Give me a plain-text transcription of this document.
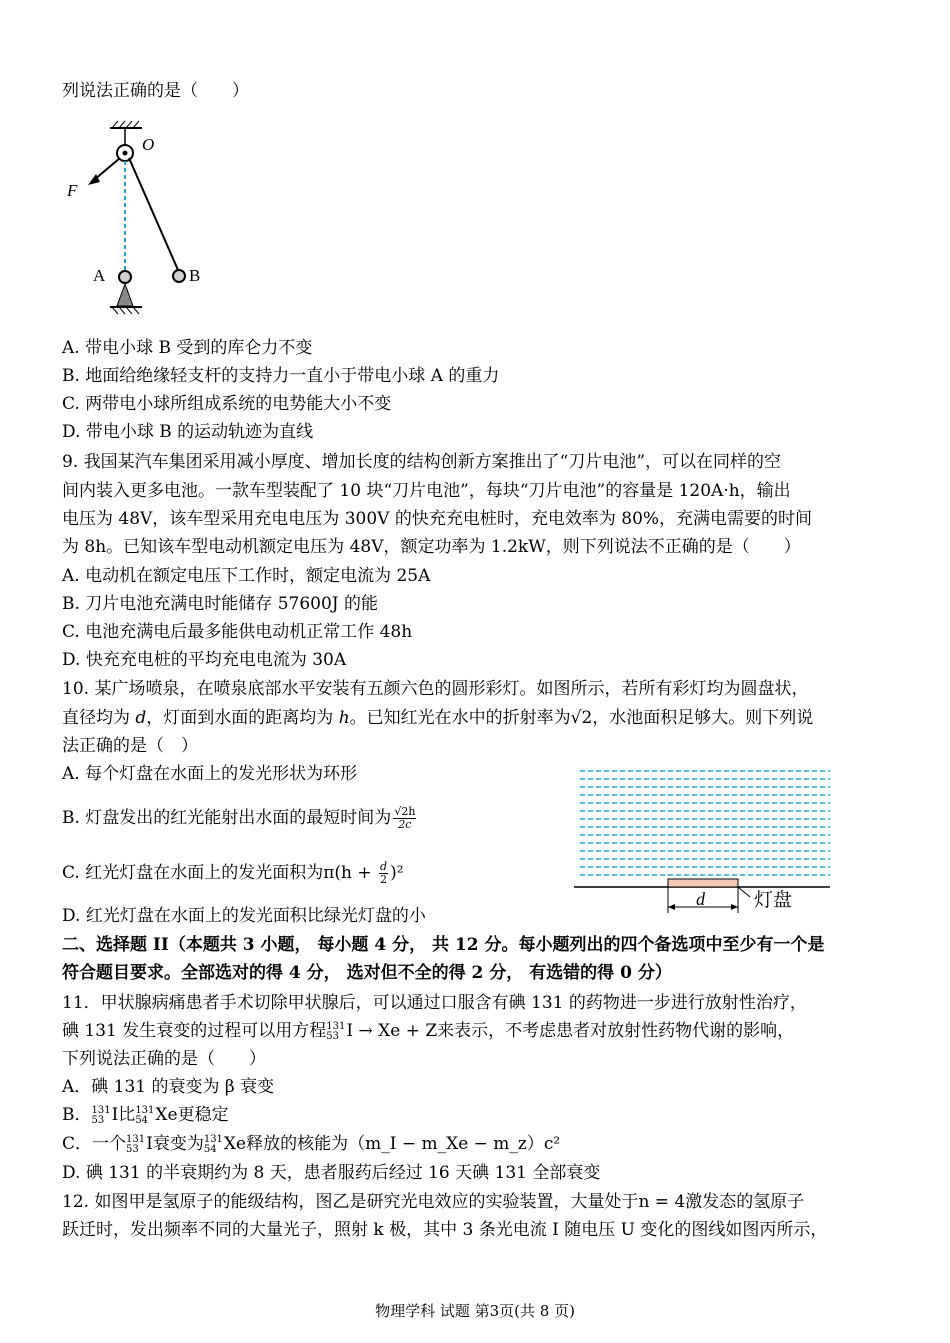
列说法正确的是（　　）
O
F
A	B
A. 带电小球 B 受到的库仑力不变
B. 地面给绝缘轻支杆的支持力一直小于带电小球 A 的重力
C. 两带电小球所组成系统的电势能大小不变
D. 带电小球 B 的运动轨迹为直线
9. 我国某汽车集团采用减小厚度、增加长度的结构创新方案推出了“刀片电池”，可以在同样的空
间内装入更多电池。一款车型装配了 10 块“刀片电池”，每块“刀片电池”的容量是 120A·h，输出
电压为 48V，该车型采用充电电压为 300V 的快充充电桩时，充电效率为 80%，充满电需要的时间
为 8h。已知该车型电动机额定电压为 48V，额定功率为 1.2kW，则下列说法不正确的是（　　）
A. 电动机在额定电压下工作时，额定电流为 25A
B. 刀片电池充满电时能储存 57600J 的能
C. 电池充满电后最多能供电动机正常工作 48h
D. 快充充电桩的平均充电电流为 30A
10. 某广场喷泉，在喷泉底部水平安装有五颜六色的圆形彩灯。如图所示，若所有彩灯均为圆盘状，
直径均为 d，灯面到水面的距离均为 h。已知红光在水中的折射率为√2，水池面积足够大。则下列说
法正确的是（　）
A. 每个灯盘在水面上的发光形状为环形
B. 灯盘发出的红光能射出水面的最短时间为 $\frac{√2h}{2c}$
C. 红光灯盘在水面上的发光面积为$\pi(h + \frac{d}{2} )^2$
D. 红光灯盘在水面上的发光面积比绿光灯盘的小
d	灯盘
二、选择题 II（本题共 3 小题， 每小题 4 分， 共 12 分。每小题列出的四个备选项中至少有一个是
符合题目要求。全部选对的得 4 分， 选对但不全的得 2 分， 有选错的得 0 分）
11．甲状腺病痛患者手术切除甲状腺后，可以通过口服含有碘 131 的药物进一步进行放射性治疗，
碘 131 发生衰变的过程可以用方程 131
53 I → Xe + Z来表示，不考虑患者对放射性药物代谢的影响，
下列说法正确的是（　　）
A．碘 131 的衰变为 β 衰变
B． 131
53 I比 131
54 Xe更稳定
C．一个 131
53 I衰变为 131
54 Xe释放的核能为（m_I − m_Xe − m_z）c²
D. 碘 131 的半衰期约为 8 天，患者服药后经过 16 天碘 131 全部衰变
12. 如图甲是氢原子的能级结构，图乙是研究光电效应的实验装置，大量处于n = 4激发态的氢原子
跃迁时，发出频率不同的大量光子，照射 k 极，其中 3 条光电流 I 随电压 U 变化的图线如图丙所示，
物理学科 试题 第3页(共 8 页)
